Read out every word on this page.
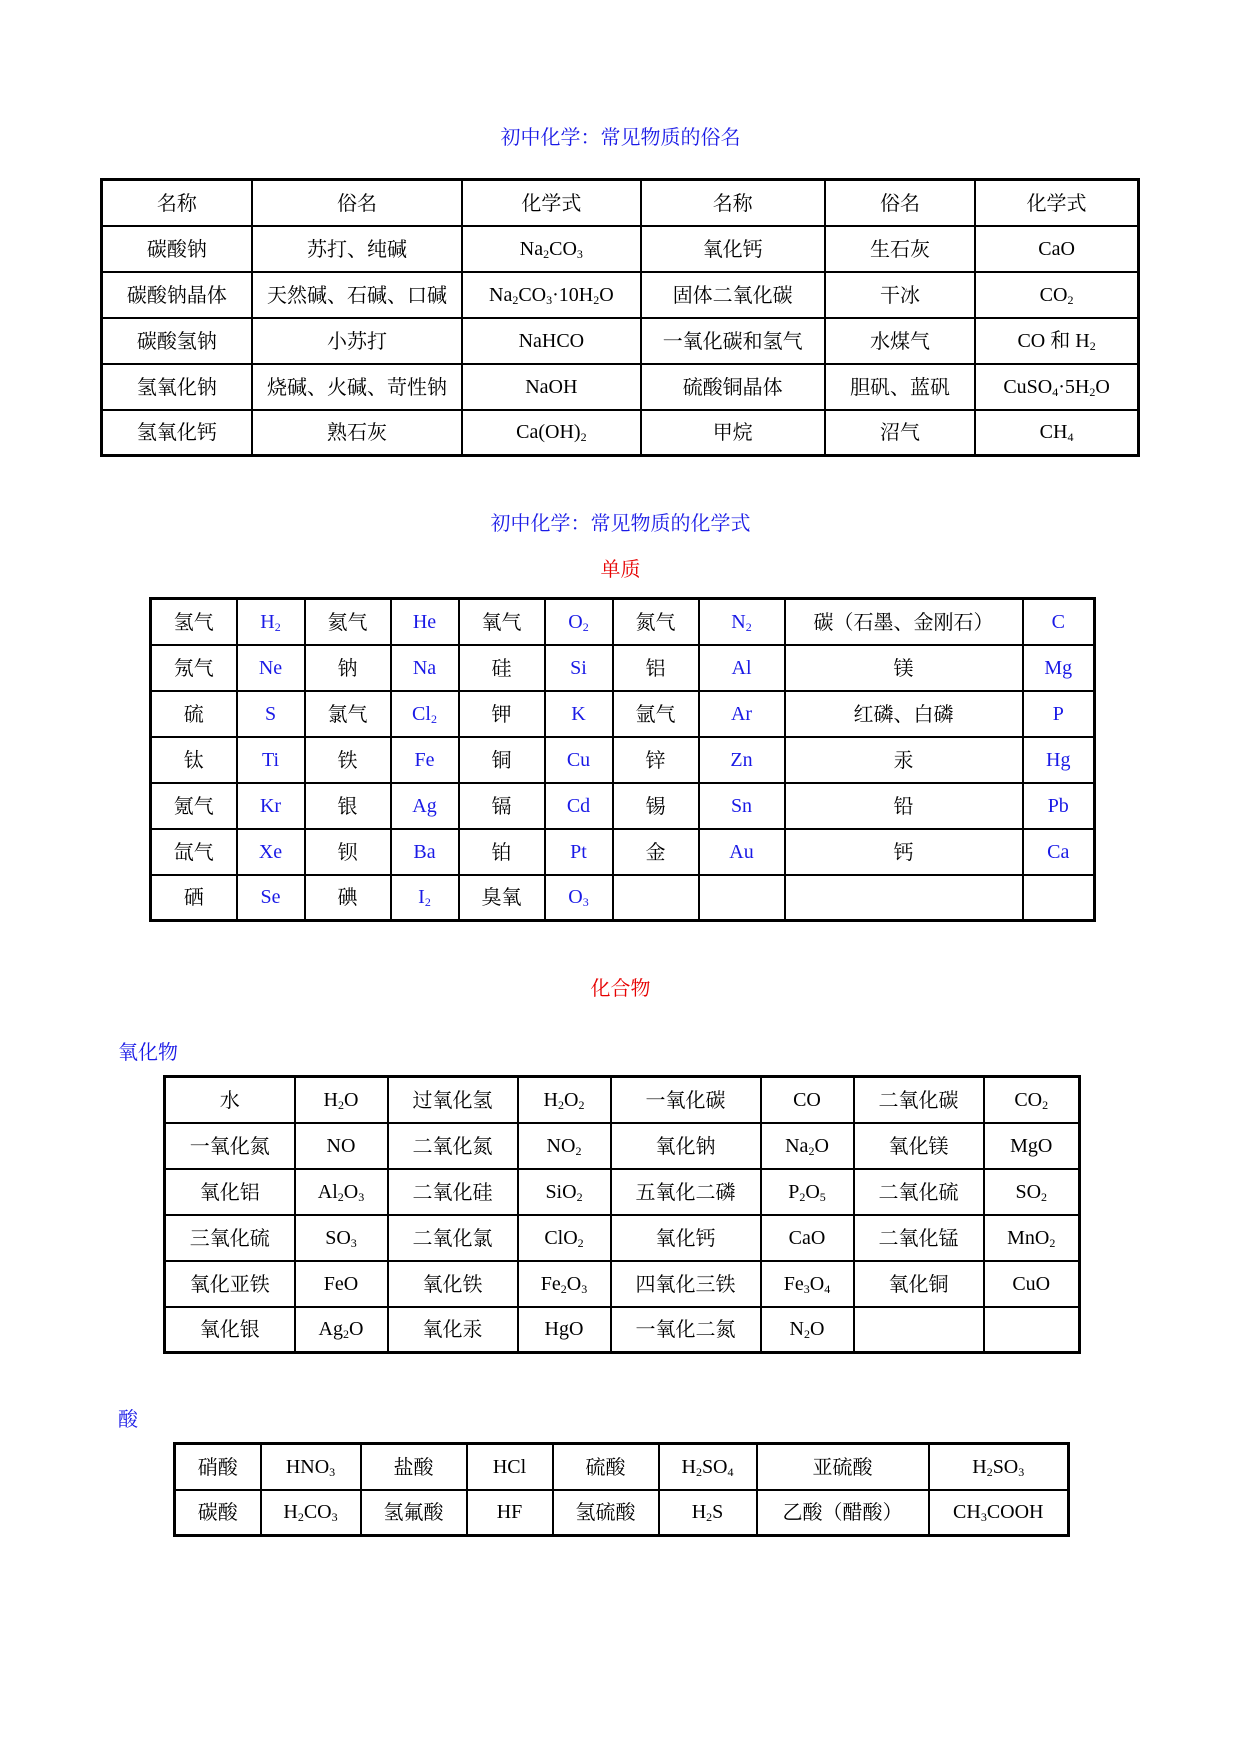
初中化学：常见物质的俗名
名称	俗名	化学式	名称	俗名	化学式
碳酸钠	苏打、纯碱	$Na_2CO_3$	氧化钙	生石灰	CaO
碳酸钠晶体	天然碱、石碱、口碱	$Na_2CO_3\cdot 10H_2O$	固体二氧化碳	干冰	$CO_2$
碳酸氢钠	小苏打	NaHCO	一氧化碳和氢气	水煤气	CO 和 $H_2$
氢氧化钠	烧碱、火碱、苛性钠	NaOH	硫酸铜晶体	胆矾、蓝矾	$CuSO_4\cdot 5H_2O$
氢氧化钙	熟石灰	$Ca(OH)_2$	甲烷	沼气	$CH_4$
初中化学：常见物质的化学式
单质
氢气	$H_2$	氦气	He	氧气	$O_2$	氮气	$N_2$	碳（石墨、金刚石）	C
氖气	Ne	钠	Na	硅	Si	铝	Al	镁	Mg
硫	S	氯气	$Cl_2$	钾	K	氩气	Ar	红磷、白磷	P
钛	Ti	铁	Fe	铜	Cu	锌	Zn	汞	Hg
氪气	Kr	银	Ag	镉	Cd	锡	Sn	铅	Pb
氙气	Xe	钡	Ba	铂	Pt	金	Au	钙	Ca
硒	Se	碘	$I_2$	臭氧	$O_3$				
化合物
氧化物
水	$H_2O$	过氧化氢	$H_2O_2$	一氧化碳	CO	二氧化碳	$CO_2$
一氧化氮	NO	二氧化氮	$NO_2$	氧化钠	$Na_2O$	氧化镁	MgO
氧化铝	$Al_2O_3$	二氧化硅	SiO$_2$	五氧化二磷	$P_2O_5$	二氧化硫	$SO_2$
三氧化硫	$SO_3$	二氧化氯	ClO$_2$	氧化钙	CaO	二氧化锰	MnO$_2$
氧化亚铁	FeO	氧化铁	$Fe_2O_3$	四氧化三铁	$Fe_3O_4$	氧化铜	CuO
氧化银	$Ag_2O$	氧化汞	HgO	一氧化二氮	$N_2O$		
酸
硝酸	$HNO_3$	盐酸	HCl	硫酸	$H_2SO_4$	亚硫酸	$H_2SO_3$
碳酸	$H_2CO_3$	氢氟酸	HF	氢硫酸	$H_2S$	乙酸（醋酸）	$CH_3COOH$
